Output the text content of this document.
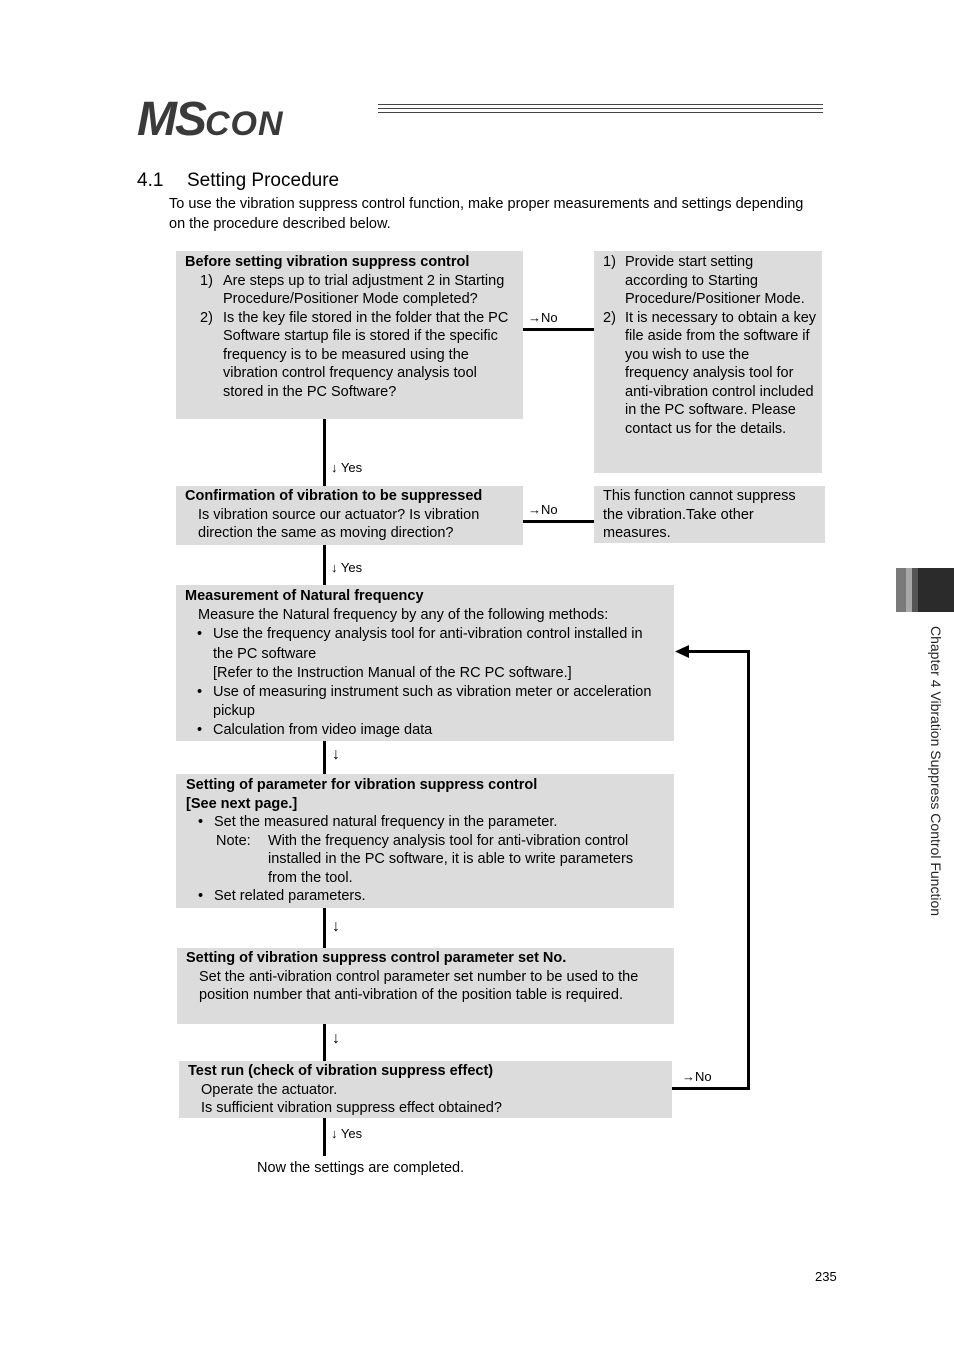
MSCON
4.1 Setting Procedure
To use the vibration suppress control function, make proper measurements and settings depending on the procedure described below.
Before setting vibration suppress control
1) Are steps up to trial adjustment 2 in Starting Procedure/Positioner Mode completed?
2) Is the key file stored in the folder that the PC Software startup file is stored if the specific frequency is to be measured using the vibration control frequency analysis tool stored in the PC Software?
→No
1) Provide start setting according to Starting Procedure/Positioner Mode.
2) It is necessary to obtain a key file aside from the software if you wish to use the frequency analysis tool for anti-vibration control included in the PC software. Please contact us for the details.
↓ Yes
Confirmation of vibration to be suppressed
Is vibration source our actuator? Is vibration direction the same as moving direction?
→No
This function cannot suppress the vibration.Take other measures.
↓ Yes
Measurement of Natural frequency
Measure the Natural frequency by any of the following methods:
• Use the frequency analysis tool for anti-vibration control installed in the PC software
[Refer to the Instruction Manual of the RC PC software.]
• Use of measuring instrument such as vibration meter or acceleration pickup
• Calculation from video image data
↓
Setting of parameter for vibration suppress control
[See next page.]
• Set the measured natural frequency in the parameter.
Note: With the frequency analysis tool for anti-vibration control installed in the PC software, it is able to write parameters from the tool.
• Set related parameters.
↓
Setting of vibration suppress control parameter set No.
Set the anti-vibration control parameter set number to be used to the position number that anti-vibration of the position table is required.
↓
Test run (check of vibration suppress effect)
Operate the actuator.
Is sufficient vibration suppress effect obtained?
→No
↓ Yes
Now the settings are completed.
Chapter 4 Vibration Suppress Control Function
235
